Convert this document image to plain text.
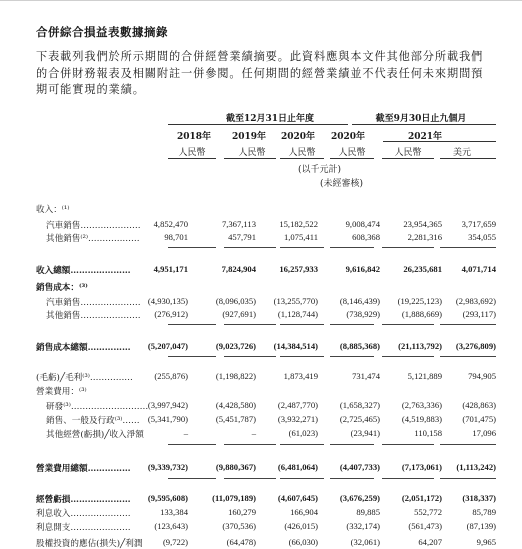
合併綜合損益表數據摘錄
下表載列我們於所示期間的合併經營業績摘要。此資料應與本文件其他部分所載我們
的合併財務報表及相關附註一併參閱。任何期間的經營業績並不代表任何未來期間預
期可能實現的業績。
截至12月31日止年度	截至9月30日止九個月
2018年 2019年 2020年 2020年	2021年
人民幣	人民幣	人民幣	人民幣	人民幣	美元
(以千元計)
(未經審核)
收入：⁽¹⁾
汽車銷售………………… 4,852,470	7,367,113	15,182,522	9,008,474	23,954,365 3,717,659
其他銷售⁽²⁾………………	98,701	457,791	1,075,411	608,368	2,281,316	354,055
收入總額…………………	4,951,171	7,824,904	16,257,933	9,616,842	26,235,681 4,071,714
銷售成本：⁽³⁾
汽車銷售………………… (4,930,135)	(8,096,035) (13,255,770)	(8,146,439) (19,225,123) (2,983,692)
其他銷售………………… (276,912)	(927,691)	(1,128,744)	(738,929)	(1,888,669) (293,117)
銷售成本總額…………… (5,207,047)	(9,023,726) (14,384,514)	(8,885,368) (21,113,792) (3,276,809)
(毛虧)╱毛利⁽³⁾…………… (255,876)	(1,198,822)	1,873,419	731,474	5,121,889	794,905
營業費用：⁽³⁾
研發⁽³⁾……………………… (3,997,942)	(4,428,580)	(2,487,770)	(1,658,327)	(2,763,336) (428,863)
銷售、一般及行政⁽³⁾…… (5,341,790)	(5,451,787)	(3,932,271)	(2,725,465)	(4,519,883) (701,475)
其他經營(虧損)╱收入淨額	–	–	(61,023)	(23,941)	110,158	17,096
營業費用總額…………… (9,339,732)	(9,880,367)	(6,481,064)	(4,407,733)	(7,173,061) (1,113,242)
經營虧損………………… (9,595,608)	(11,079,189)	(4,607,645)	(3,676,259)	(2,051,172) (318,337)
利息收入…………………	133,384	160,279	166,904	89,885	552,772	85,789
利息開支…………………	(123,643)	(370,536)	(426,015)	(332,174)	(561,473)	(87,139)
股權投資的應佔(損失)╱利潤 (9,722)	(64,478)	(66,030)	(32,061)	64,207	9,965
